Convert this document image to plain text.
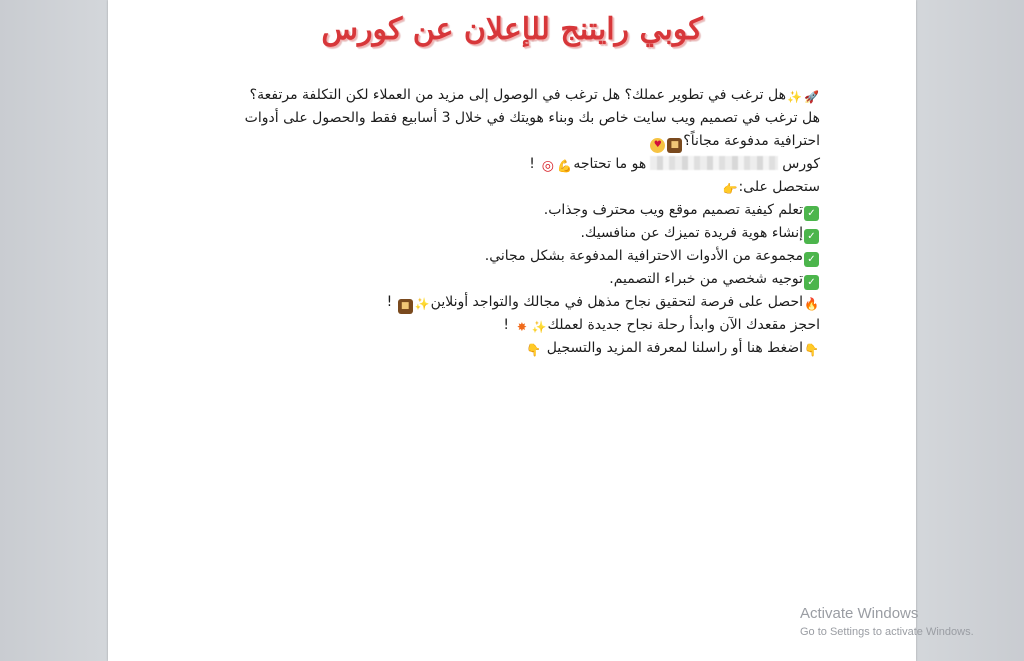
كوبي رايتنج للإعلان عن كورس

🚀✨هل ترغب في تطوير عملك؟ هل ترغب في الوصول إلى مزيد من العملاء لكن التكلفة مرتفعة؟

هل ترغب في تصميم ويب سايت خاص بك وبناء هويتك في خلال 3 أسابيع فقط والحصول على أدوات

احترافية مدفوعة مجاناً؟■♥

كورسهو ما تحتاجه💪◎ !

ستحصل على:👉

✓تعلم كيفية تصميم موقع ويب محترف وجذاب.

✓إنشاء هوية فريدة تميزك عن منافسيك.

✓مجموعة من الأدوات الاحترافية المدفوعة بشكل مجاني.

✓توجيه شخصي من خبراء التصميم.

🔥احصل على فرصة لتحقيق نجاح مذهل في مجالك والتواجد أونلاين✨■ !

احجز مقعدك الآن وابدأ رحلة نجاح جديدة لعملك✨✸ !

👇اضغط هنا أو راسلنا لمعرفة المزيد والتسجيل 👇

Activate Windows
Go to Settings to activate Windows.
